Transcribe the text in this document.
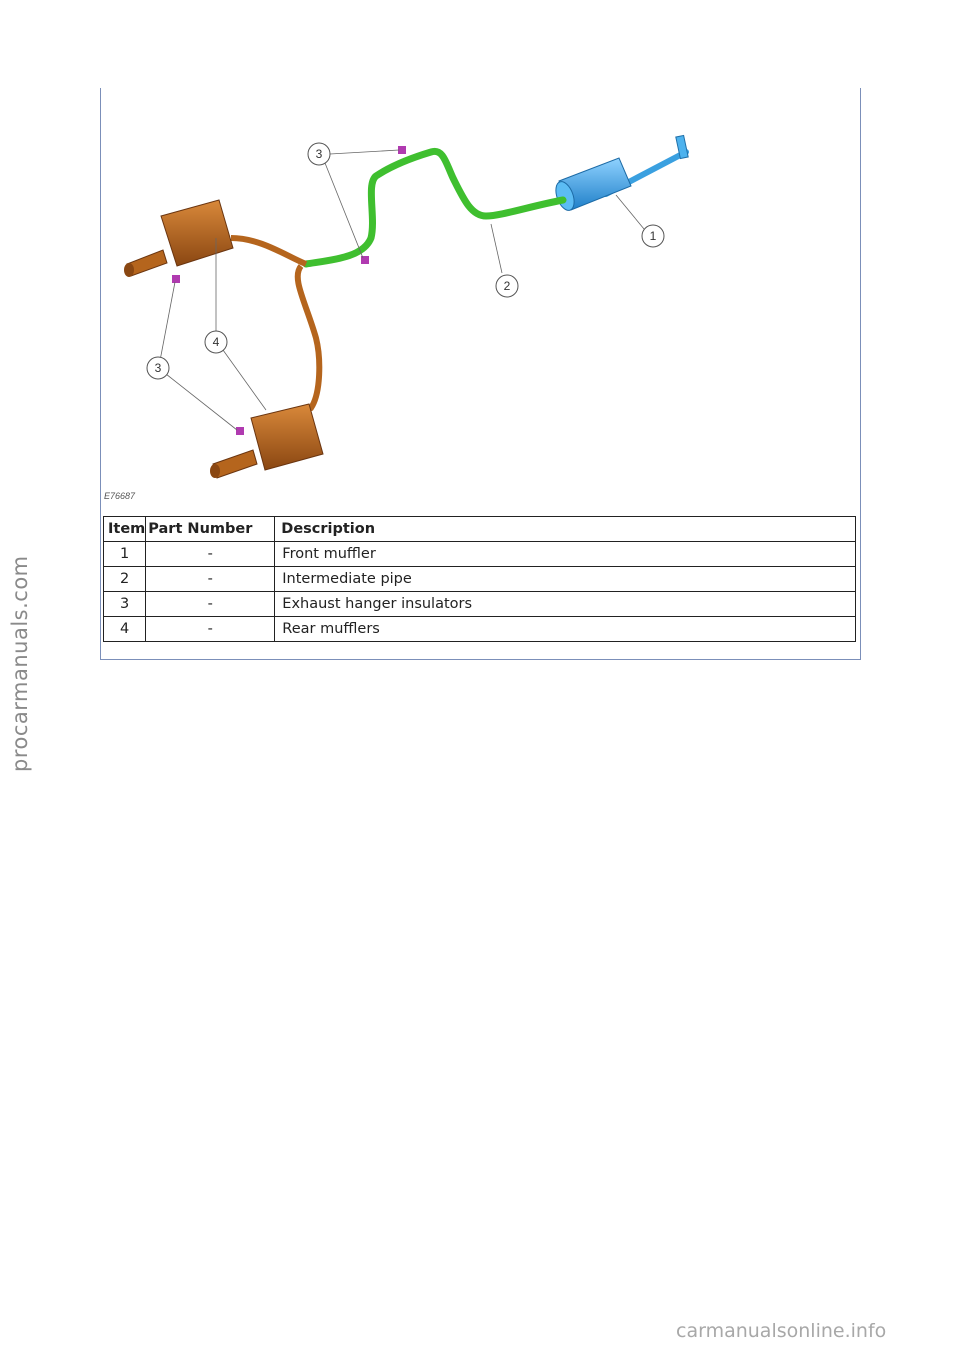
1
2
3
3
4
E76687
Item	Part Number	Description
1	-	Front muffler
2	-	Intermediate pipe
3	-	Exhaust hanger insulators
4	-	Rear mufflers
procarmanuals.com
carmanualsonline.info
